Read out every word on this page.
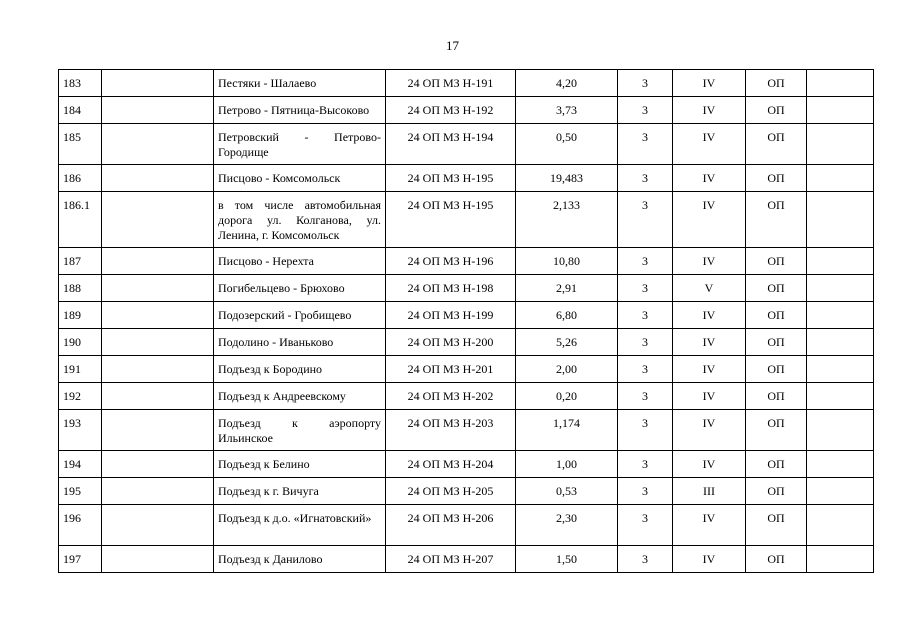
17
183		Пестяки - Шалаево	24 ОП МЗ Н-191	4,20	3	IV	ОП	
184		Петрово - Пятница-Высоково	24 ОП МЗ Н-192	3,73	3	IV	ОП	
185		Петровский - Петрово-Городище	24 ОП МЗ Н-194	0,50	3	IV	ОП	
186		Писцово - Комсомольск	24 ОП МЗ Н-195	19,483	3	IV	ОП	
186.1		в том числе автомобильная дорога ул. Колганова, ул. Ленина, г. Комсомольск	24 ОП МЗ Н-195	2,133	3	IV	ОП	
187		Писцово - Нерехта	24 ОП МЗ Н-196	10,80	3	IV	ОП	
188		Погибельцево - Брюхово	24 ОП МЗ Н-198	2,91	3	V	ОП	
189		Подозерский - Гробищево	24 ОП МЗ Н-199	6,80	3	IV	ОП	
190		Подолино - Иваньково	24 ОП МЗ Н-200	5,26	3	IV	ОП	
191		Подъезд к Бородино	24 ОП МЗ Н-201	2,00	3	IV	ОП	
192		Подъезд к Андреевскому	24 ОП МЗ Н-202	0,20	3	IV	ОП	
193		Подъезд к аэропорту Ильинское	24 ОП МЗ Н-203	1,174	3	IV	ОП	
194		Подъезд к Белино	24 ОП МЗ Н-204	1,00	3	IV	ОП	
195		Подъезд к г. Вичуга	24 ОП МЗ Н-205	0,53	3	III	ОП	
196		Подъезд к д.о. «Игнатовский»	24 ОП МЗ Н-206	2,30	3	IV	ОП	
197		Подъезд к Данилово	24 ОП МЗ Н-207	1,50	3	IV	ОП	
